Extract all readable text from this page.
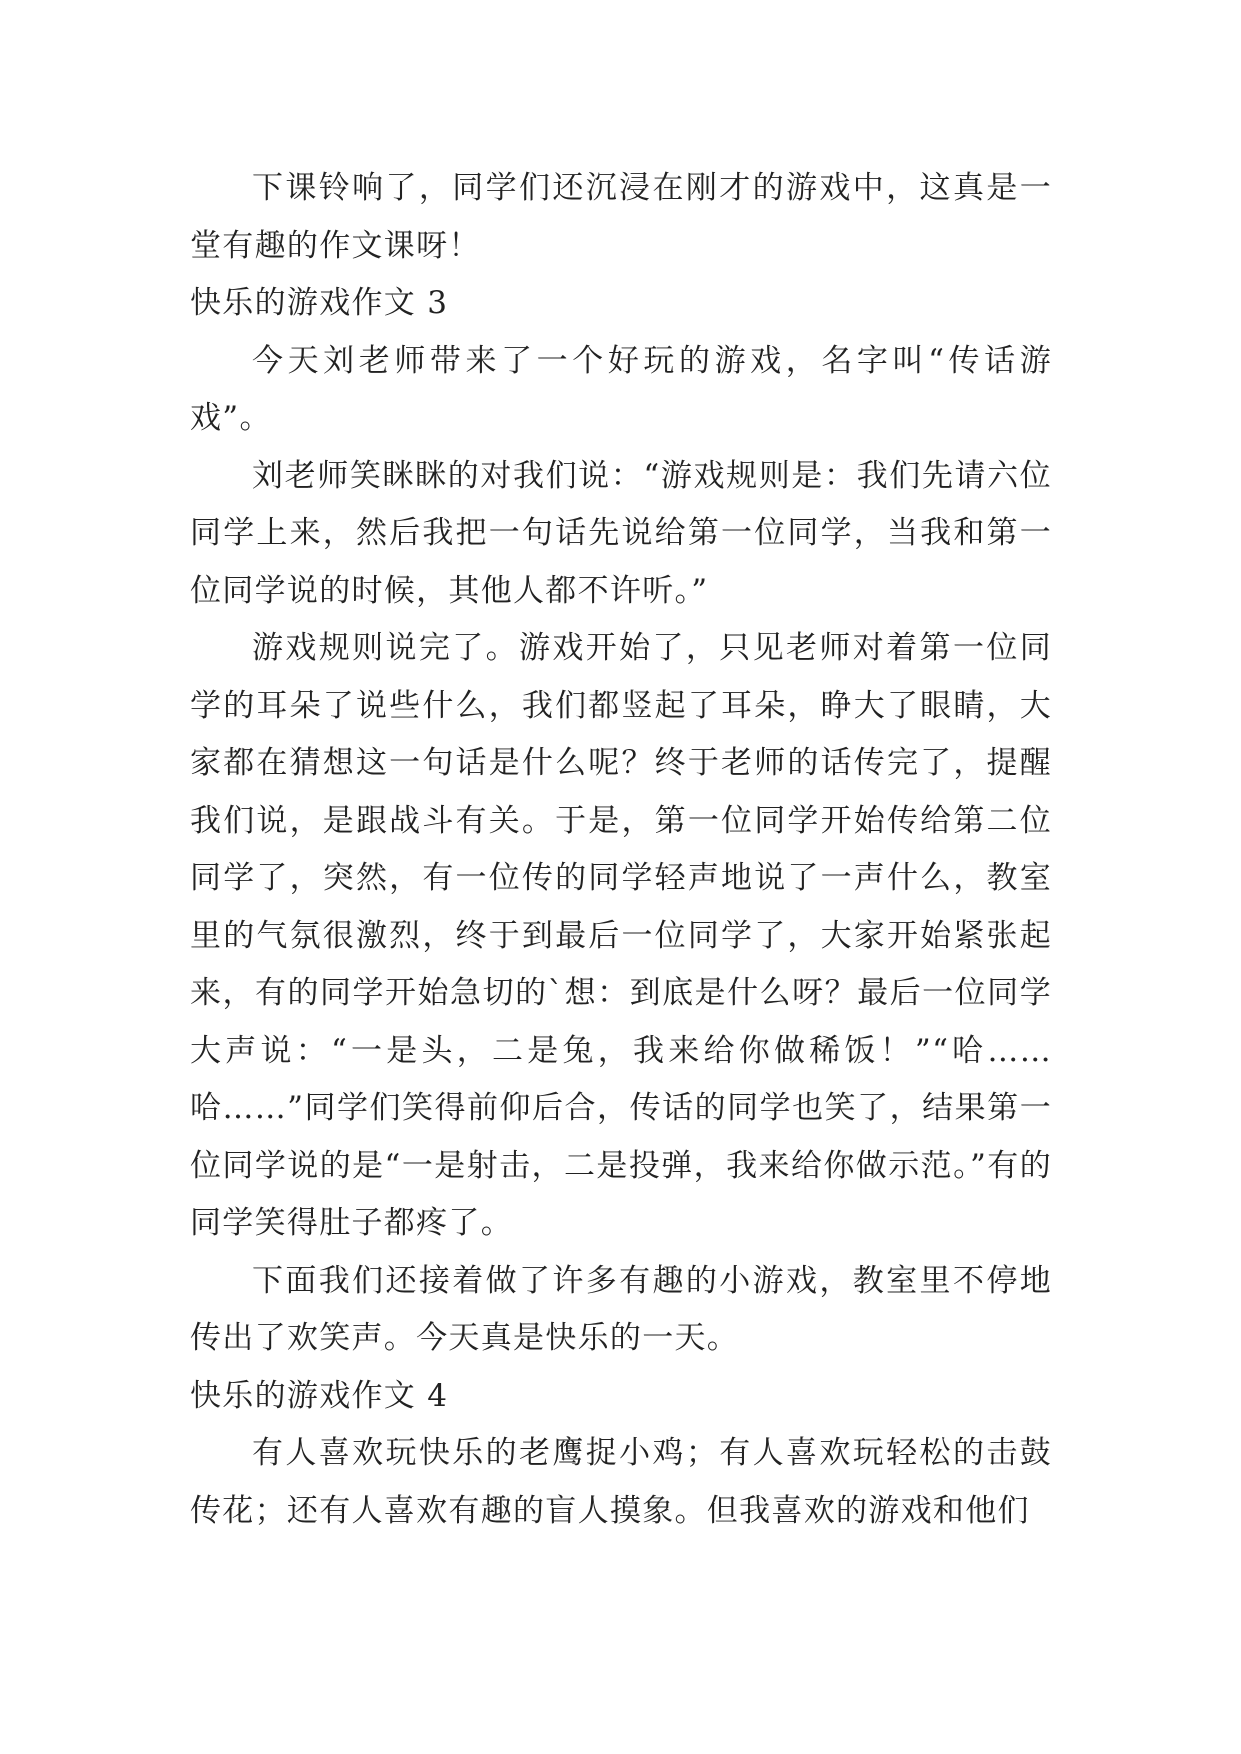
下课铃响了，同学们还沉浸在刚才的游戏中，这真是一堂有趣的作文课呀！

快乐的游戏作文 3

今天刘老师带来了一个好玩的游戏，名字叫“传话游戏”。

刘老师笑眯眯的对我们说：“游戏规则是：我们先请六位同学上来，然后我把一句话先说给第一位同学，当我和第一位同学说的时候，其他人都不许听。”

游戏规则说完了。游戏开始了，只见老师对着第一位同学的耳朵了说些什么，我们都竖起了耳朵，睁大了眼睛，大家都在猜想这一句话是什么呢？终于老师的话传完了，提醒我们说，是跟战斗有关。于是，第一位同学开始传给第二位同学了，突然，有一位传的同学轻声地说了一声什么，教室里的气氛很激烈，终于到最后一位同学了，大家开始紧张起来，有的同学开始急切的`想：到底是什么呀？最后一位同学大声说：“一是头，二是兔，我来给你做稀饭！”“哈……哈……”同学们笑得前仰后合，传话的同学也笑了，结果第一位同学说的是“一是射击，二是投弹，我来给你做示范。”有的同学笑得肚子都疼了。

下面我们还接着做了许多有趣的小游戏，教室里不停地传出了欢笑声。今天真是快乐的一天。

快乐的游戏作文 4

有人喜欢玩快乐的老鹰捉小鸡；有人喜欢玩轻松的击鼓传花；还有人喜欢有趣的盲人摸象。但我喜欢的游戏和他们
